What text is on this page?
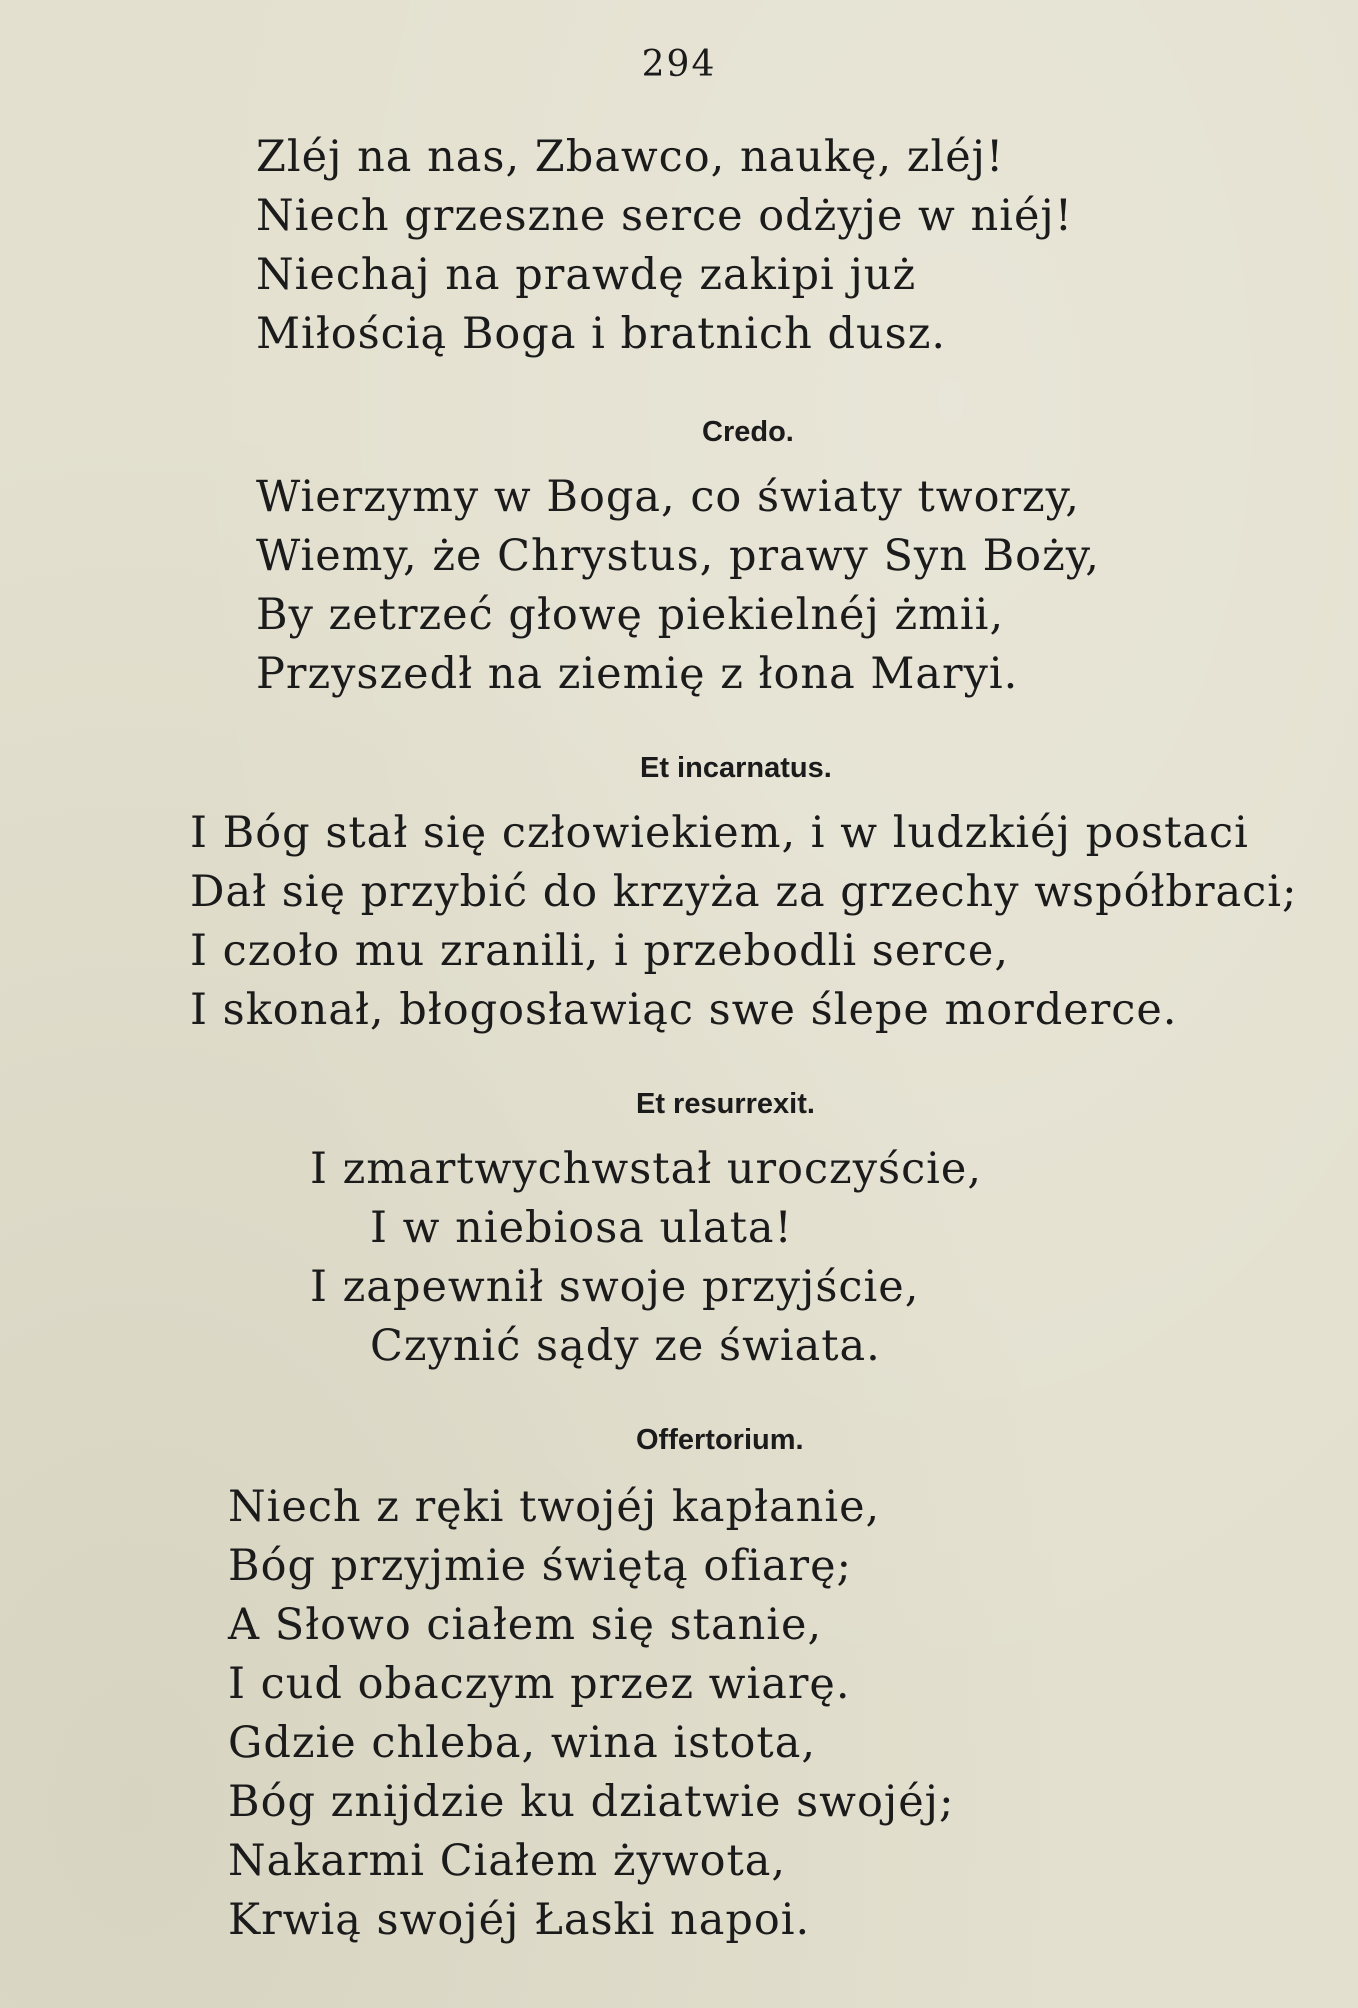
294
Zléj na nas, Zbawco, naukę, zléj!
Niech grzeszne serce odżyje w niéj!
Niechaj na prawdę zakipi już
Miłością Boga i bratnich dusz.
Credo.
Wierzymy w Boga, co światy tworzy,
Wiemy, że Chrystus, prawy Syn Boży,
By zetrzeć głowę piekielnéj żmii,
Przyszedł na ziemię z łona Maryi.
Et incarnatus.
I Bóg stał się człowiekiem, i w ludzkiéj postaci
Dał się przybić do krzyża za grzechy współbraci;
I czoło mu zranili, i przebodli serce,
I skonał, błogosławiąc swe ślepe morderce.
Et resurrexit.
I zmartwychwstał uroczyście,
I w niebiosa ulata!
I zapewnił swoje przyjście,
Czynić sądy ze świata.
Offertorium.
Niech z ręki twojéj kapłanie,
Bóg przyjmie świętą ofiarę;
A Słowo ciałem się stanie,
I cud obaczym przez wiarę.
Gdzie chleba, wina istota,
Bóg znijdzie ku dziatwie swojéj;
Nakarmi Ciałem żywota,
Krwią swojéj Łaski napoi.
